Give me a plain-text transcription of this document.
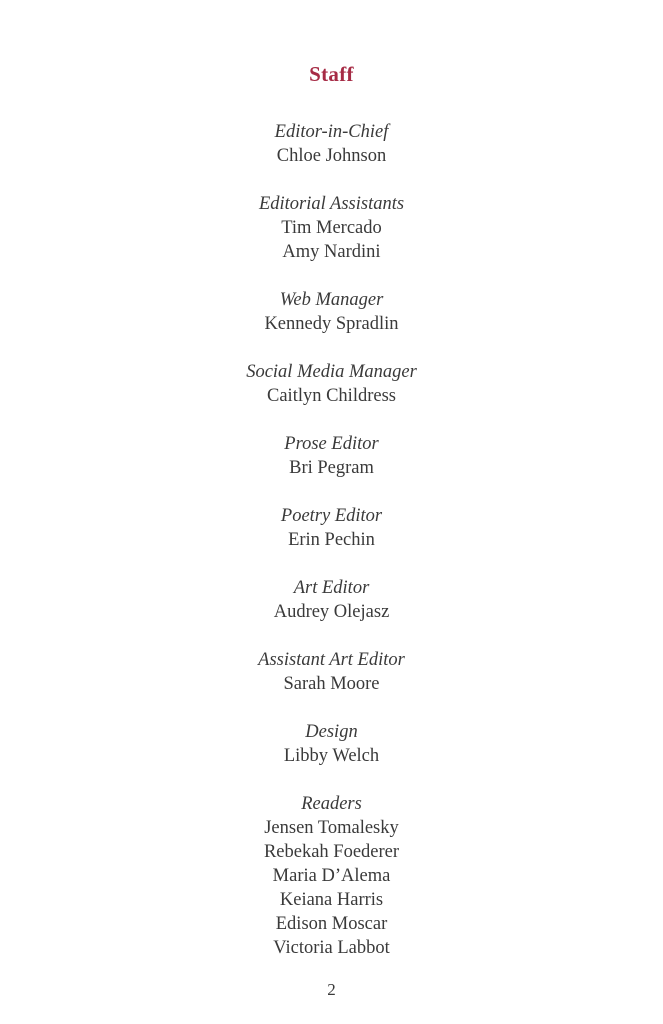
Staff
Editor-in-Chief
Chloe Johnson
Editorial Assistants
Tim Mercado
Amy Nardini
Web Manager
Kennedy Spradlin
Social Media Manager
Caitlyn Childress
Prose Editor
Bri Pegram
Poetry Editor
Erin Pechin
Art Editor
Audrey Olejasz
Assistant Art Editor
Sarah Moore
Design
Libby Welch
Readers
Jensen Tomalesky
Rebekah Foederer
Maria D’Alema
Keiana Harris
Edison Moscar
Victoria Labbot
2
